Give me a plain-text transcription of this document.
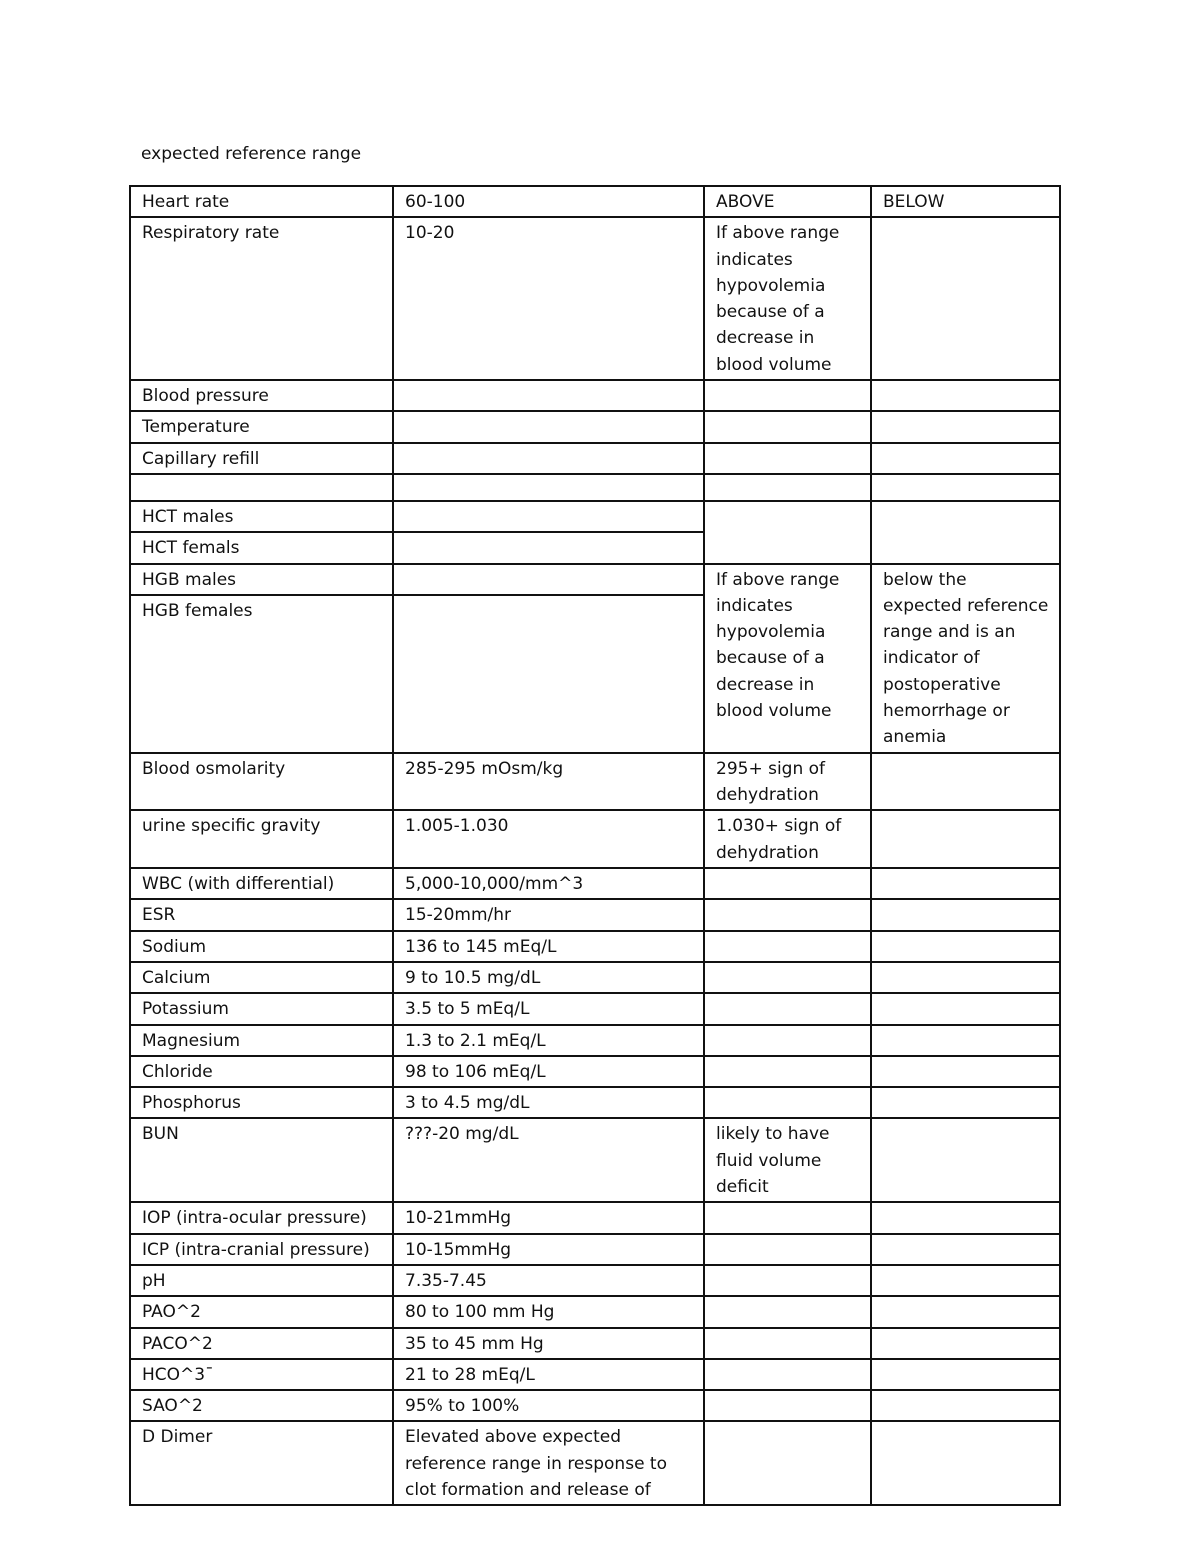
expected reference range
Heart rate	60-100	ABOVE	BELOW
Respiratory rate	10-20	If above range indicates hypovolemia because of a decrease in blood volume	
Blood pressure			
Temperature			
Capillary refill			

HCT males			
HCT femals			
HGB males		If above range indicates hypovolemia because of a decrease in blood volume	below the expected reference range and is an indicator of postoperative hemorrhage or anemia
HGB females			
Blood osmolarity	285-295 mOsm/kg	295+ sign of dehydration	
urine specific gravity	1.005-1.030	1.030+ sign of dehydration	
WBC (with differential)	5,000-10,000/mm^3		
ESR	15-20mm/hr		
Sodium	136 to 145 mEq/L		
Calcium	9 to 10.5 mg/dL		
Potassium	3.5 to 5 mEq/L		
Magnesium	1.3 to 2.1 mEq/L		
Chloride	98 to 106 mEq/L		
Phosphorus	3 to 4.5 mg/dL		
BUN	???-20 mg/dL	likely to have fluid volume deficit	
IOP (intra-ocular pressure)	10-21mmHg		
ICP (intra-cranial pressure)	10-15mmHg		
pH	7.35-7.45		
PAO^2	80 to 100 mm Hg		
PACO^2	35 to 45 mm Hg		
HCO^3¯	21 to 28 mEq/L		
SAO^2	95% to 100%		
D Dimer	Elevated above expected reference range in response to clot formation and release of		
